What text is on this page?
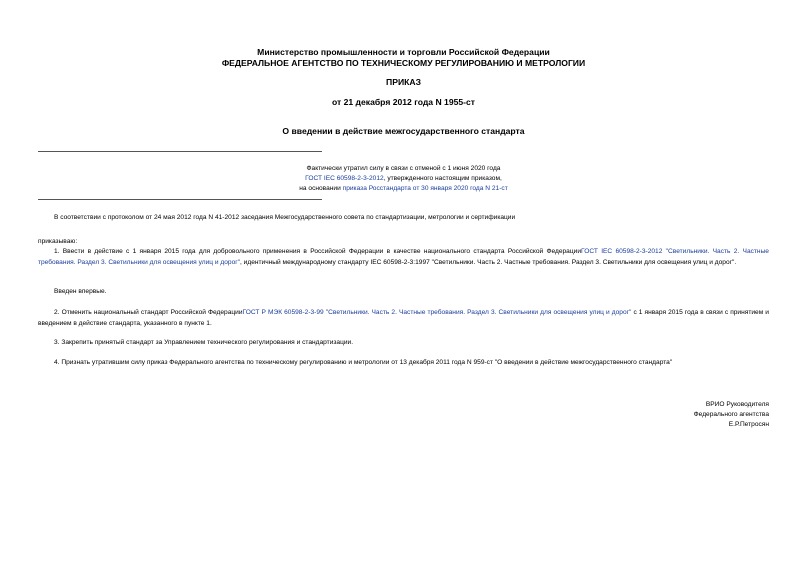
Министерство промышленности и торговли Российской Федерации
ФЕДЕРАЛЬНОЕ АГЕНТСТВО ПО ТЕХНИЧЕСКОМУ РЕГУЛИРОВАНИЮ И МЕТРОЛОГИИ
ПРИКАЗ
от 21 декабря 2012 года N 1955-ст
О введении в действие межгосударственного стандарта
Фактически утратил силу в связи с отменой с 1 июня 2020 года
ГОСТ IEC 60598-2-3-2012, утвержденного настоящим приказом,
на основании приказа Росстандарта от 30 января 2020 года N 21-ст
В соответствии с протоколом от 24 мая 2012 года N 41-2012 заседания Межгосударственного совета по стандартизации, метрологии и сертификации
приказываю:
1. Ввести в действие с 1 января 2015 года для добровольного применения в Российской Федерации в качестве национального стандарта Российской ФедерацииГОСТ IEC 60598-2-3-2012 "Светильники. Часть 2. Частные требования. Раздел 3. Светильники для освещения улиц и дорог", идентичный международному стандарту IEC 60598-2-3:1997 "Светильники. Часть 2. Частные требования. Раздел 3. Светильники для освещения улиц и дорог".
Введен впервые.
2. Отменить национальный стандарт Российской ФедерацииГОСТ Р МЭК 60598-2-3-99 "Светильники. Часть 2. Частные требования. Раздел 3. Светильники для освещения улиц и дорог" с 1 января 2015 года в связи с принятием и введением в действие стандарта, указанного в пункте 1.
3. Закрепить принятый стандарт за Управлением технического регулирования и стандартизации.
4. Признать утратившим силу приказ Федерального агентства по техническому регулированию и метрологии от 13 декабря 2011 года N 959-ст "О введении в действие межгосударственного стандарта"
ВРИО Руководителя
Федерального агентства
Е.Р.Петросян
